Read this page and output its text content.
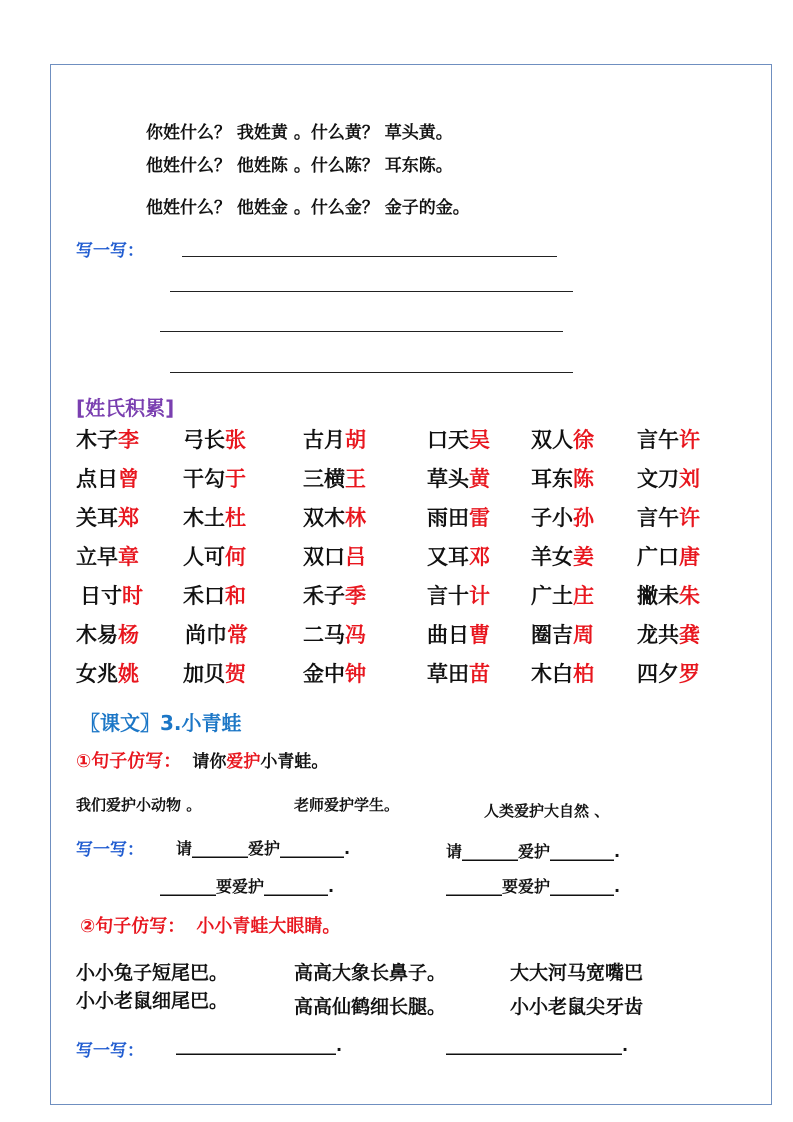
你姓什么？ 我姓黄 。什么黄？ 草头黄。
他姓什么？ 他姓陈 。什么陈？ 耳东陈。
他姓什么？ 他姓金 。什么金？ 金子的金。
写一写：
[姓氏积累]
木子李 弓长张	古月胡	口天吴 双人徐 言午许
点日曾 干勾于	三横王	草头黄 耳东陈 文刀刘
关耳郑 木土杜	双木林	雨田雷 子小孙 言午许
立早章 人可何	双口吕	又耳邓 羊女姜 广口唐
日寸时 禾口和	禾子季	言十计 广土庄 撇未朱
木易杨 尚巾常	二马冯	曲日曹 圈吉周 龙共龚
女兆姚 加贝贺	金中钟	草田苗 木白柏 四夕罗
〖课文〗3.小青蛙
①句子仿写： 请你爱护小青蛙。
我们爱护小动物 。	老师爱护学生。	人类爱护大自然 、
写一写： 请_______爱护________.	请_______爱护________.
_______要爱护________.	_______要爱护________.
②句子仿写： 小小青蛙大眼睛。
小小兔子短尾巴。	高高大象长鼻子。	大大河马宽嘴巴
小小老鼠细尾巴。	高高仙鹤细长腿。	小小老鼠尖牙齿
写一写： ____________________.	______________________.
